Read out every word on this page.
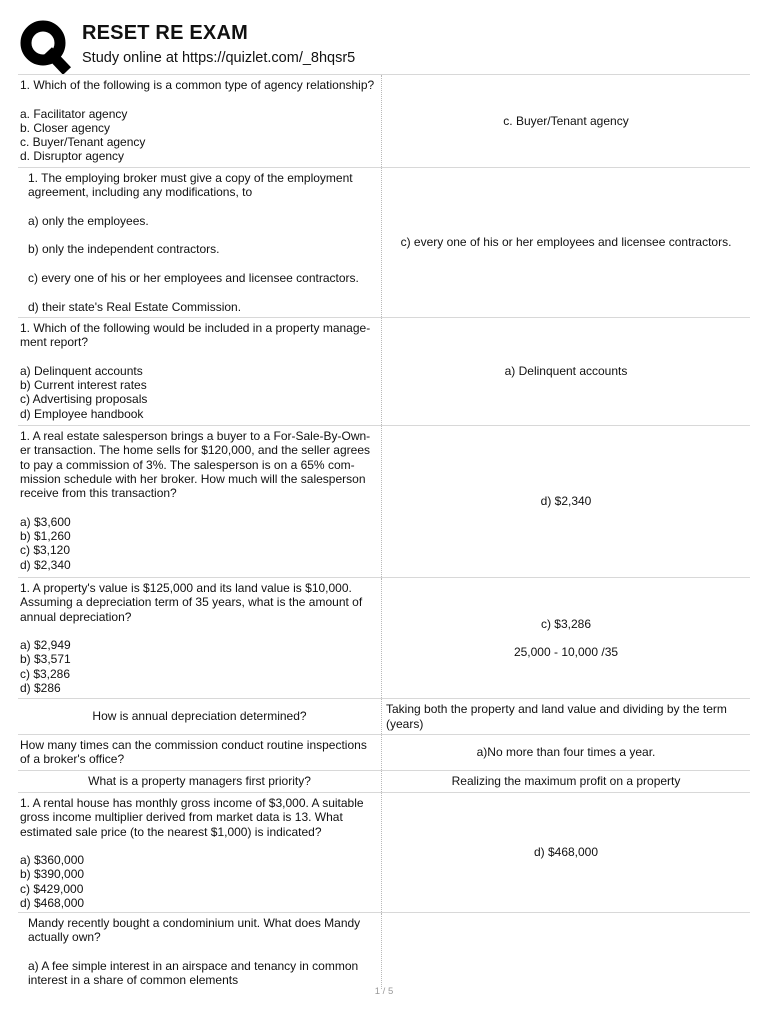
RESET RE EXAM
Study online at https://quizlet.com/_8hqsr5

1. Which of the following is a common type of agency relationship?

a. Facilitator agency
b. Closer agency
c. Buyer/Tenant agency
d. Disruptor agency

c. Buyer/Tenant agency

1. The employing broker must give a copy of the employment agreement, including any modifications, to

a) only the employees.

b) only the independent contractors.

c) every one of his or her employees and licensee contractors.

d) their state's Real Estate Commission.

c) every one of his or her employees and licensee contractors.

1. Which of the following would be included in a property manage-
ment report?

a) Delinquent accounts
b) Current interest rates
c) Advertising proposals
d) Employee handbook

a) Delinquent accounts

1. A real estate salesperson brings a buyer to a For-Sale-By-Own-
er transaction. The home sells for $120,000, and the seller agrees
to pay a commission of 3%. The salesperson is on a 65% com-
mission schedule with her broker. How much will the salesperson
receive from this transaction?

a) $3,600
b) $1,260
c) $3,120
d) $2,340

d) $2,340

1. A property's value is $125,000 and its land value is $10,000.
Assuming a depreciation term of 35 years, what is the amount of
annual depreciation?

a) $2,949
b) $3,571
c) $3,286
d) $286

c) $3,286
25,000 - 10,000 /35

How is annual depreciation determined?

Taking both the property and land value and dividing by the term
(years)

How many times can the commission conduct routine inspections
of a broker's office?	a)No more than four times a year.

What is a property managers first priority?	Realizing the maximum profit on a property

1. A rental house has monthly gross income of $3,000. A suitable
gross income multiplier derived from market data is 13. What
estimated sale price (to the nearest $1,000) is indicated?

a) $360,000
b) $390,000
c) $429,000
d) $468,000

d) $468,000

Mandy recently bought a condominium unit. What does Mandy
actually own?

a) A fee simple interest in an airspace and tenancy in common
interest in a share of common elements

1 / 5
